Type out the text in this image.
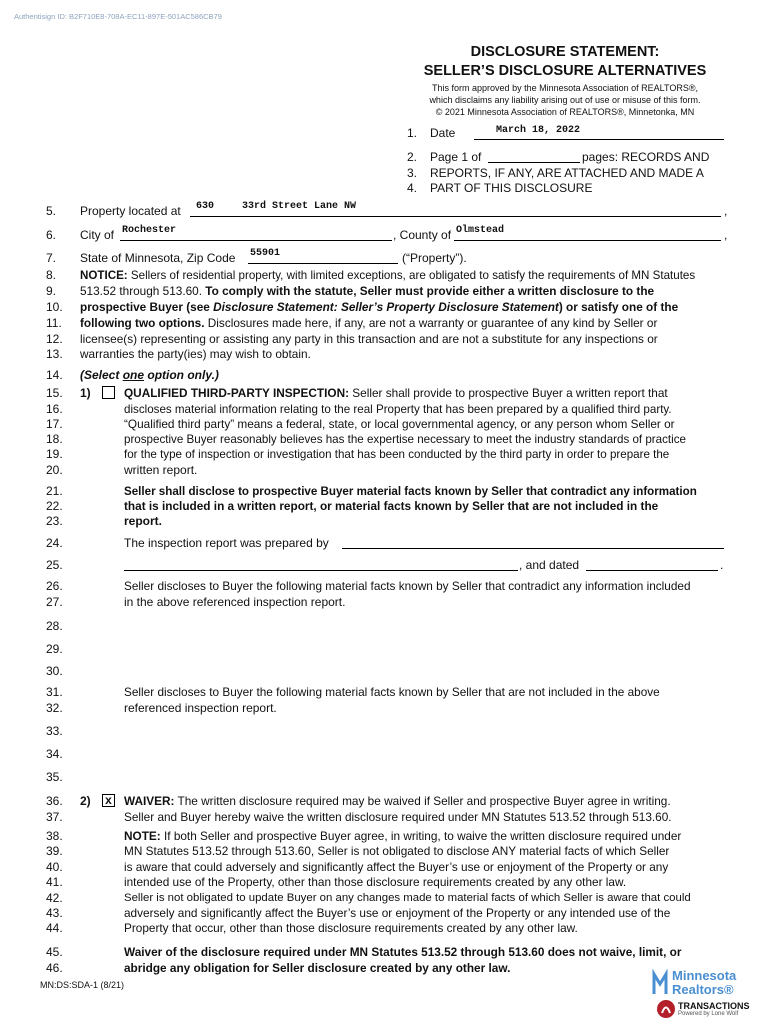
Authentisign ID: B2F710E8-708A-EC11-897E-501AC586CB79
DISCLOSURE STATEMENT:
SELLER’S DISCLOSURE ALTERNATIVES
This form approved by the Minnesota Association of REALTORS®,
which disclaims any liability arising out of use or misuse of this form.
© 2021 Minnesota Association of REALTORS®, Minnetonka, MN
1. Date	March 18, 2022
2. Page 1 of	pages: RECORDS AND
3. REPORTS, IF ANY, ARE ATTACHED AND MADE A
4. PART OF THIS DISCLOSURE
5. Property located at 630	33rd Street Lane NW	,
6. City of Rochester	, County of Olmstead	,
7. State of Minnesota, Zip Code 55901	(“Property”).
8. NOTICE: Sellers of residential property, with limited exceptions, are obligated to satisfy the requirements of MN Statutes
9. 513.52 through 513.60. To comply with the statute, Seller must provide either a written disclosure to the
10. prospective Buyer (see Disclosure Statement: Seller’s Property Disclosure Statement) or satisfy one of the
11. following two options. Disclosures made here, if any, are not a warranty or guarantee of any kind by Seller or
12. licensee(s) representing or assisting any party in this transaction and are not a substitute for any inspections or
13. warranties the party(ies) may wish to obtain.
14. (Select one option only.)
15. 1)	QUALIFIED THIRD-PARTY INSPECTION: Seller shall provide to prospective Buyer a written report that
16.	discloses material information relating to the real Property that has been prepared by a qualified third party.
17.	“Qualified third party” means a federal, state, or local governmental agency, or any person whom Seller or
18.	prospective Buyer reasonably believes has the expertise necessary to meet the industry standards of practice
19.	for the type of inspection or investigation that has been conducted by the third party in order to prepare the
20.	written report.
21.	Seller shall disclose to prospective Buyer material facts known by Seller that contradict any information
22.	that is included in a written report, or material facts known by Seller that are not included in the
23.	report.
24.	The inspection report was prepared by
25.	, and dated	.
26.	Seller discloses to Buyer the following material facts known by Seller that contradict any information included
27.	in the above referenced inspection report.
28.
29.
30.
31.	Seller discloses to Buyer the following material facts known by Seller that are not included in the above
32.	referenced inspection report.
33.
34.
35.
36. 2) x WAIVER: The written disclosure required may be waived if Seller and prospective Buyer agree in writing.
37.	Seller and Buyer hereby waive the written disclosure required under MN Statutes 513.52 through 513.60.
38.	NOTE: If both Seller and prospective Buyer agree, in writing, to waive the written disclosure required under
39.	MN Statutes 513.52 through 513.60, Seller is not obligated to disclose ANY material facts of which Seller
40.	is aware that could adversely and significantly affect the Buyer’s use or enjoyment of the Property or any
41.	intended use of the Property, other than those disclosure requirements created by any other law.
42.	Seller is not obligated to update Buyer on any changes made to material facts of which Seller is aware that could
43.	adversely and significantly affect the Buyer’s use or enjoyment of the Property or any intended use of the
44.	Property that occur, other than those disclosure requirements created by any other law.
45.	Waiver of the disclosure required under MN Statutes 513.52 through 513.60 does not waive, limit, or
46.	abridge any obligation for Seller disclosure created by any other law.
MN:DS:SDA-1 (8/21)
Minnesota
Realtors®
TRANSACTIONS
Powered by Lone Wolf
